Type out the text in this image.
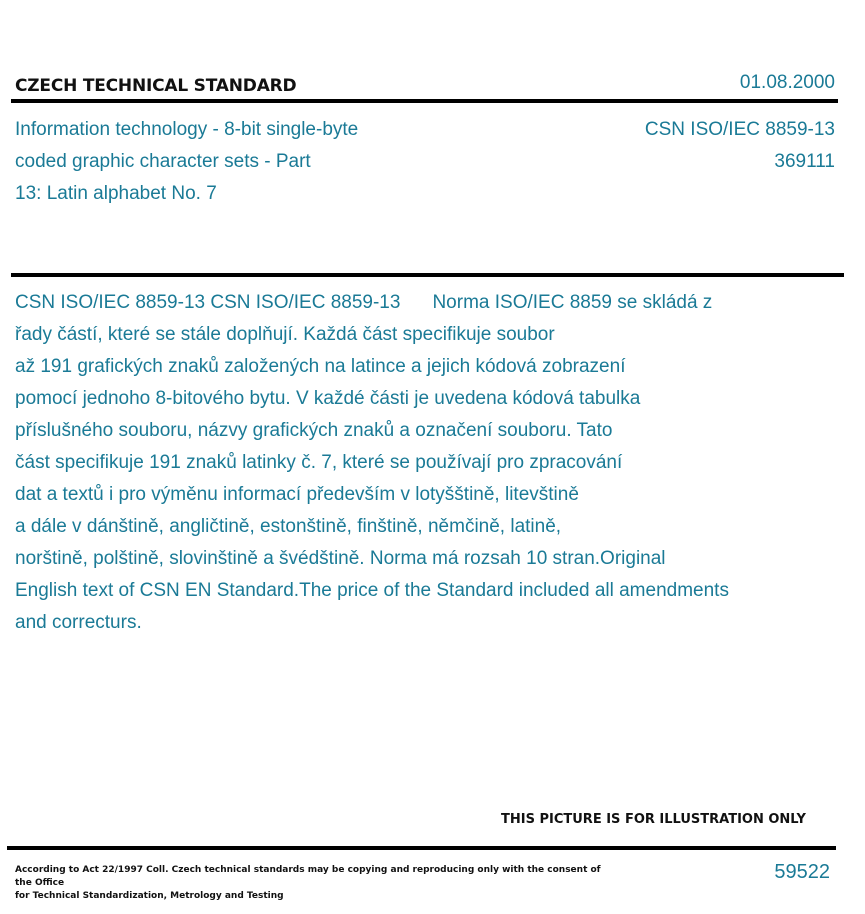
CZECH TECHNICAL STANDARD	01.08.2000
Information technology - 8-bit single-byte
coded graphic character sets - Part
13: Latin alphabet No. 7
CSN ISO/IEC 8859-13
369111
CSN ISO/IEC 8859-13 CSN ISO/IEC 8859-13 Norma ISO/IEC 8859 se skládá z
řady částí, které se stále doplňují. Každá část specifikuje soubor
až 191 grafických znaků založených na latince a jejich kódová zobrazení
pomocí jednoho 8-bitového bytu. V každé části je uvedena kódová tabulka
příslušného souboru, názvy grafických znaků a označení souboru. Tato
část specifikuje 191 znaků latinky č. 7, které se používají pro zpracování
dat a textů i pro výměnu informací především v lotyšštině, litevštině
a dále v dánštině, angličtině, estonštině, finštině, němčině, latině,
norštině, polštině, slovinštině a švédštině. Norma má rozsah 10 stran.Original
English text of CSN EN Standard.The price of the Standard included all amendments
and correcturs.
THIS PICTURE IS FOR ILLUSTRATION ONLY
According to Act 22/1997 Coll. Czech technical standards may be copying and reproducing only with the consent of the Office
for Technical Standardization, Metrology and Testing
59522
